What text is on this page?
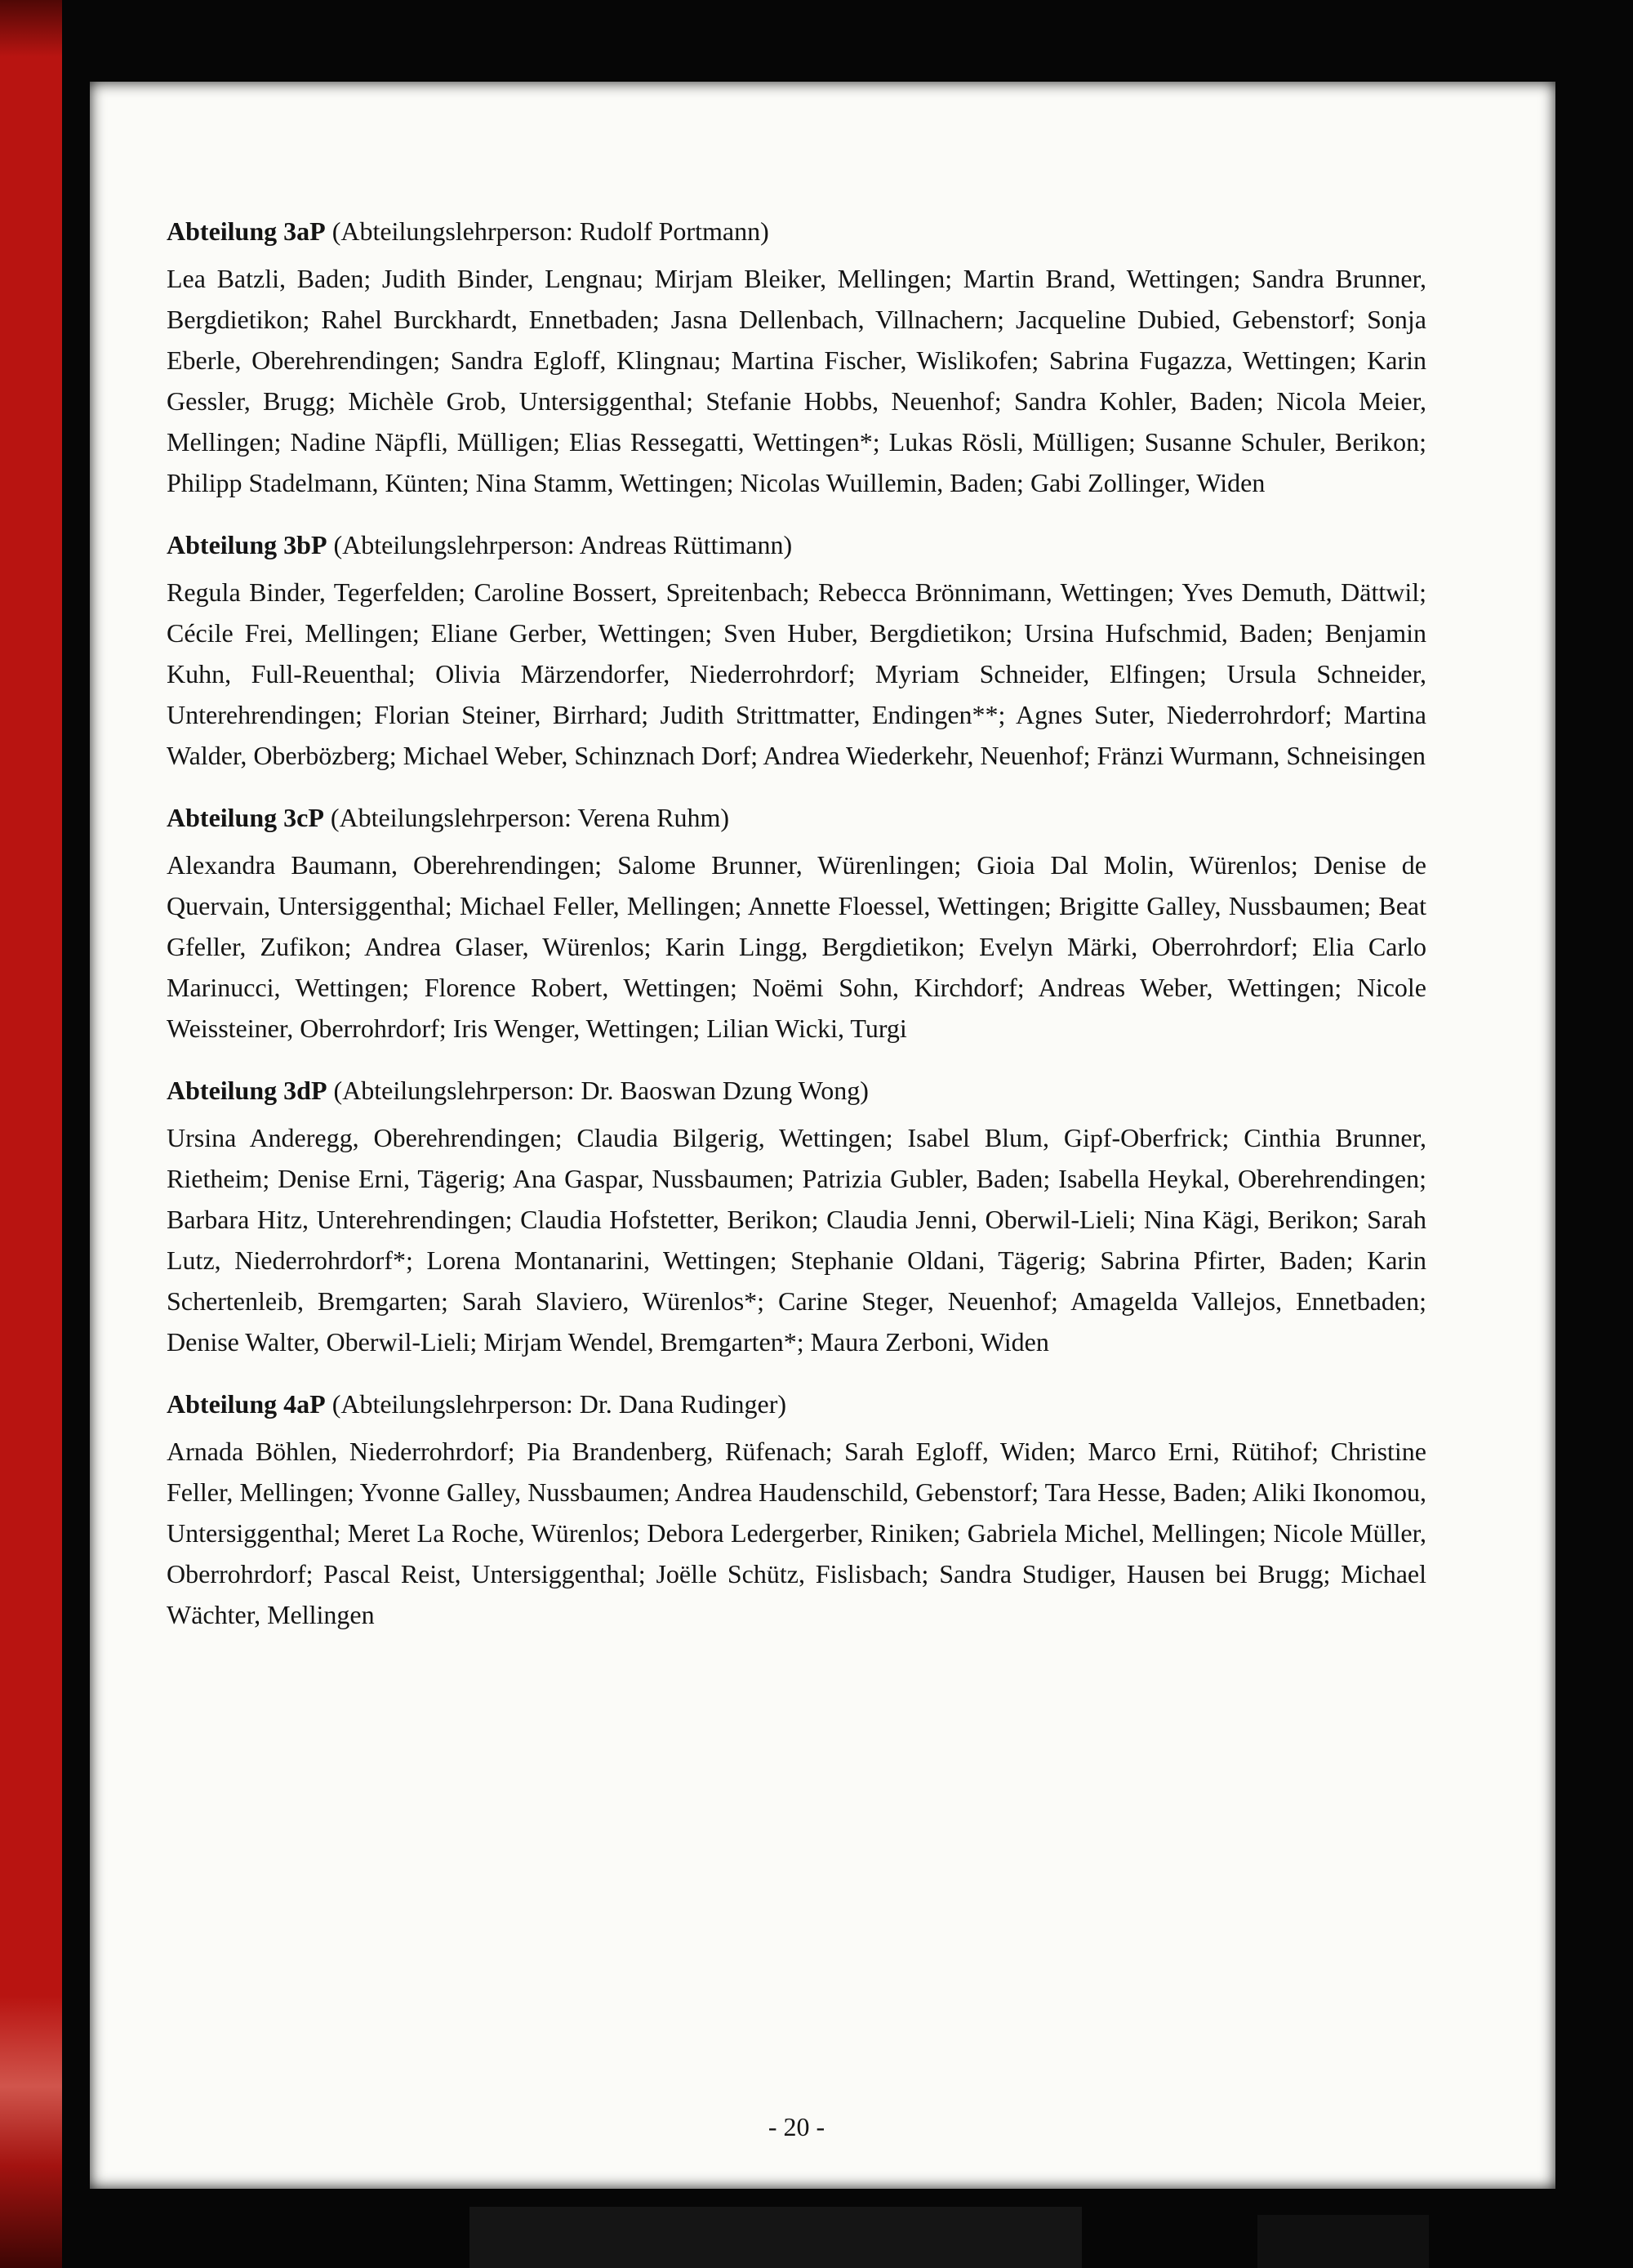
Abteilung 3aP (Abteilungslehrperson: Rudolf Portmann)

Lea Batzli, Baden; Judith Binder, Lengnau; Mirjam Bleiker, Mellingen; Martin Brand, Wettingen; Sandra Brunner, Bergdietikon; Rahel Burckhardt, Ennetbaden; Jasna Dellenbach, Villnachern; Jacqueline Dubied, Gebenstorf; Sonja Eberle, Oberehrendingen; Sandra Egloff, Klingnau; Martina Fischer, Wislikofen; Sabrina Fugazza, Wettingen; Karin Gessler, Brugg; Michèle Grob, Untersiggenthal; Stefanie Hobbs, Neuenhof; Sandra Kohler, Baden; Nicola Meier, Mellingen; Nadine Näpfli, Mülligen; Elias Ressegatti, Wettingen*; Lukas Rösli, Mülligen; Susanne Schuler, Berikon; Philipp Stadelmann, Künten; Nina Stamm, Wettingen; Nicolas Wuillemin, Baden; Gabi Zollinger, Widen

Abteilung 3bP (Abteilungslehrperson: Andreas Rüttimann)

Regula Binder, Tegerfelden; Caroline Bossert, Spreitenbach; Rebecca Brönnimann, Wettingen; Yves Demuth, Dättwil; Cécile Frei, Mellingen; Eliane Gerber, Wettingen; Sven Huber, Bergdietikon; Ursina Hufschmid, Baden; Benjamin Kuhn, Full-Reuenthal; Olivia Märzendorfer, Niederrohrdorf; Myriam Schneider, Elfingen; Ursula Schneider, Unterehrendingen; Florian Steiner, Birrhard; Judith Strittmatter, Endingen**; Agnes Suter, Niederrohrdorf; Martina Walder, Oberbözberg; Michael Weber, Schinznach Dorf; Andrea Wiederkehr, Neuenhof; Fränzi Wurmann, Schneisingen

Abteilung 3cP (Abteilungslehrperson: Verena Ruhm)

Alexandra Baumann, Oberehrendingen; Salome Brunner, Würenlingen; Gioia Dal Molin, Würenlos; Denise de Quervain, Untersiggenthal; Michael Feller, Mellingen; Annette Floessel, Wettingen; Brigitte Galley, Nussbaumen; Beat Gfeller, Zufikon; Andrea Glaser, Würenlos; Karin Lingg, Bergdietikon; Evelyn Märki, Oberrohrdorf; Elia Carlo Marinucci, Wettingen; Florence Robert, Wettingen; Noëmi Sohn, Kirchdorf; Andreas Weber, Wettingen; Nicole Weissteiner, Oberrohrdorf; Iris Wenger, Wettingen; Lilian Wicki, Turgi

Abteilung 3dP (Abteilungslehrperson: Dr. Baoswan Dzung Wong)

Ursina Anderegg, Oberehrendingen; Claudia Bilgerig, Wettingen; Isabel Blum, Gipf-Oberfrick; Cinthia Brunner, Rietheim; Denise Erni, Tägerig; Ana Gaspar, Nussbaumen; Patrizia Gubler, Baden; Isabella Heykal, Oberehrendingen; Barbara Hitz, Unterehrendingen; Claudia Hofstetter, Berikon; Claudia Jenni, Oberwil-Lieli; Nina Kägi, Berikon; Sarah Lutz, Niederrohrdorf*; Lorena Montanarini, Wettingen; Stephanie Oldani, Tägerig; Sabrina Pfirter, Baden; Karin Schertenleib, Bremgarten; Sarah Slaviero, Würenlos*; Carine Steger, Neuenhof; Amagelda Vallejos, Ennetbaden; Denise Walter, Oberwil-Lieli; Mirjam Wendel, Bremgarten*; Maura Zerboni, Widen

Abteilung 4aP (Abteilungslehrperson: Dr. Dana Rudinger)

Arnada Böhlen, Niederrohrdorf; Pia Brandenberg, Rüfenach; Sarah Egloff, Widen; Marco Erni, Rütihof; Christine Feller, Mellingen; Yvonne Galley, Nussbaumen; Andrea Haudenschild, Gebenstorf; Tara Hesse, Baden; Aliki Ikonomou, Untersiggenthal; Meret La Roche, Würenlos; Debora Ledergerber, Riniken; Gabriela Michel, Mellingen; Nicole Müller, Oberrohrdorf; Pascal Reist, Untersiggenthal; Joëlle Schütz, Fislisbach; Sandra Studiger, Hausen bei Brugg; Michael Wächter, Mellingen

- 20 -
